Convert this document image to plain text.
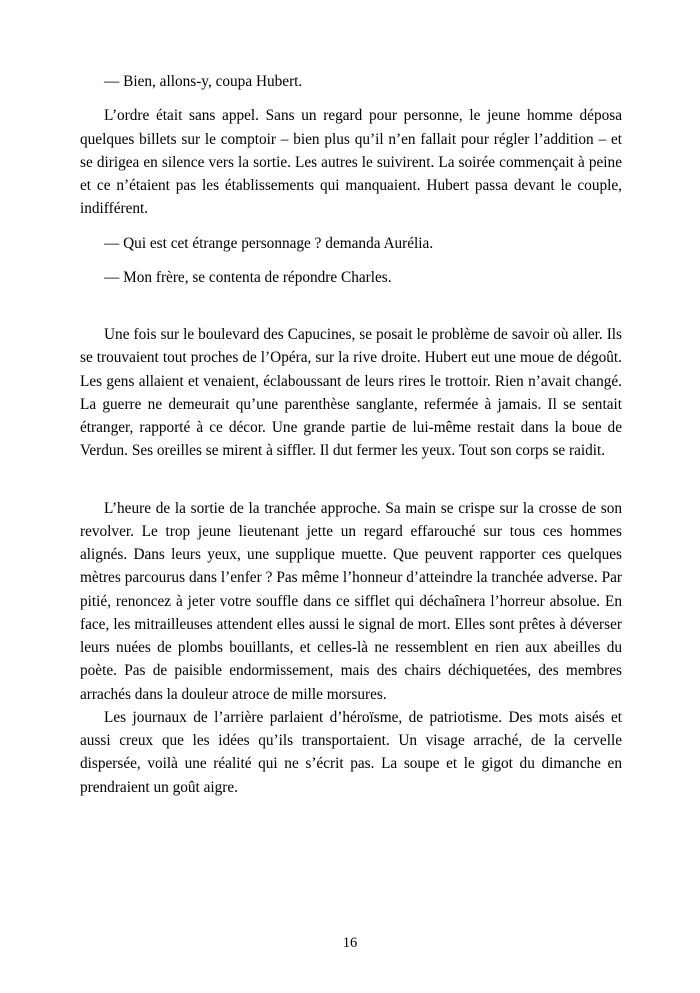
— Bien, allons-y, coupa Hubert.

L’ordre était sans appel. Sans un regard pour personne, le jeune homme déposa quelques billets sur le comptoir – bien plus qu’il n’en fallait pour régler l’addition – et se dirigea en silence vers la sortie. Les autres le suivirent. La soirée commençait à peine et ce n’étaient pas les établissements qui manquaient. Hubert passa devant le couple, indifférent.

— Qui est cet étrange personnage ? demanda Aurélia.

— Mon frère, se contenta de répondre Charles.

Une fois sur le boulevard des Capucines, se posait le problème de savoir où aller. Ils se trouvaient tout proches de l’Opéra, sur la rive droite. Hubert eut une moue de dégoût. Les gens allaient et venaient, éclaboussant de leurs rires le trottoir. Rien n’avait changé. La guerre ne demeurait qu’une parenthèse sanglante, refermée à jamais. Il se sentait étranger, rapporté à ce décor. Une grande partie de lui-même restait dans la boue de Verdun. Ses oreilles se mirent à siffler. Il dut fermer les yeux. Tout son corps se raidit.

L’heure de la sortie de la tranchée approche. Sa main se crispe sur la crosse de son revolver. Le trop jeune lieutenant jette un regard effarouché sur tous ces hommes alignés. Dans leurs yeux, une supplique muette. Que peuvent rapporter ces quelques mètres parcourus dans l’enfer ? Pas même l’honneur d’atteindre la tranchée adverse. Par pitié, renoncez à jeter votre souffle dans ce sifflet qui déchaînera l’horreur absolue. En face, les mitrailleuses attendent elles aussi le signal de mort. Elles sont prêtes à déverser leurs nuées de plombs bouillants, et celles-là ne ressemblent en rien aux abeilles du poète. Pas de paisible endormissement, mais des chairs déchiquetées, des membres arrachés dans la douleur atroce de mille morsures.

Les journaux de l’arrière parlaient d’héroïsme, de patriotisme. Des mots aisés et aussi creux que les idées qu’ils transportaient. Un visage arraché, de la cervelle dispersée, voilà une réalité qui ne s’écrit pas. La soupe et le gigot du dimanche en prendraient un goût aigre.

16
